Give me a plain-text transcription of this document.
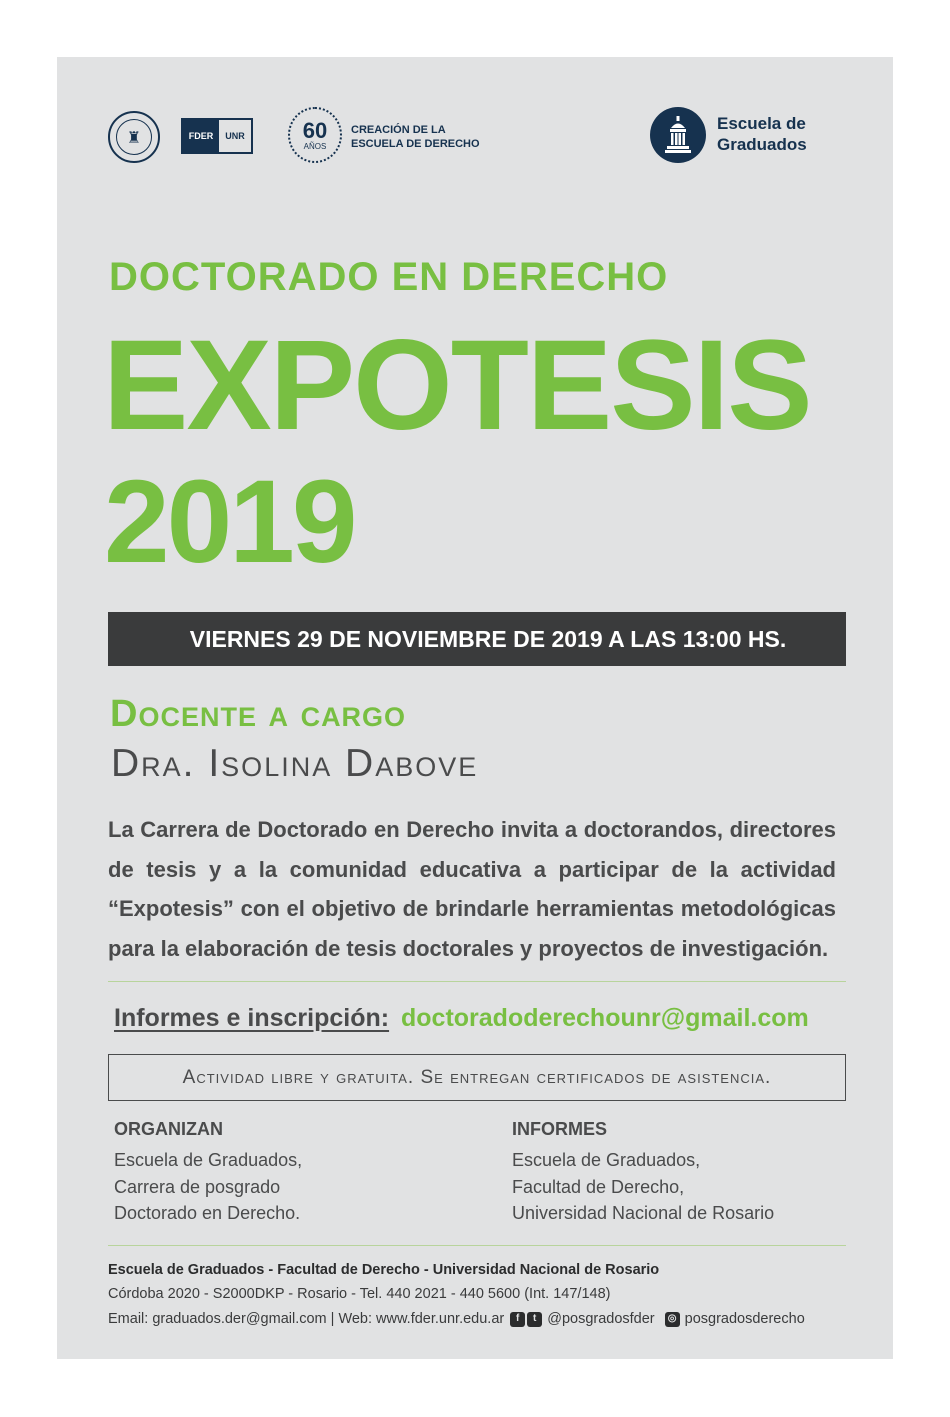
♜	FDER	UNR	60
AÑOS
CREACIÓN DE LA
ESCUELA DE DERECHO
Escuela de
Graduados
DOCTORADO EN DERECHO
EXPOTESIS
2019
VIERNES 29 DE NOVIEMBRE DE 2019 A LAS 13:00 HS.
Docente a cargo
Dra. Isolina Dabove
La Carrera de Doctorado en Derecho invita a doctorandos, directores de tesis y a la comunidad educativa a participar de la actividad “Expotesis” con el objetivo de brindarle herramientas metodológicas para la elaboración de tesis doctorales y proyectos de investigación.
Informes e inscripción: doctoradoderechounr@gmail.com
Actividad libre y gratuita. Se entregan certificados de asistencia.
ORGANIZAN
Escuela de Graduados,
Carrera de posgrado
Doctorado en Derecho.
INFORMES
Escuela de Graduados,
Facultad de Derecho,
Universidad Nacional de Rosario
Escuela de Graduados - Facultad de Derecho - Universidad Nacional de Rosario
Córdoba 2020 - S2000DKP - Rosario - Tel. 440 2021 - 440 5600 (Int. 147/148)
Email: graduados.der@gmail.com | Web: www.fder.unr.edu.ar	f	t @posgradosfder	◎ posgradosderecho
